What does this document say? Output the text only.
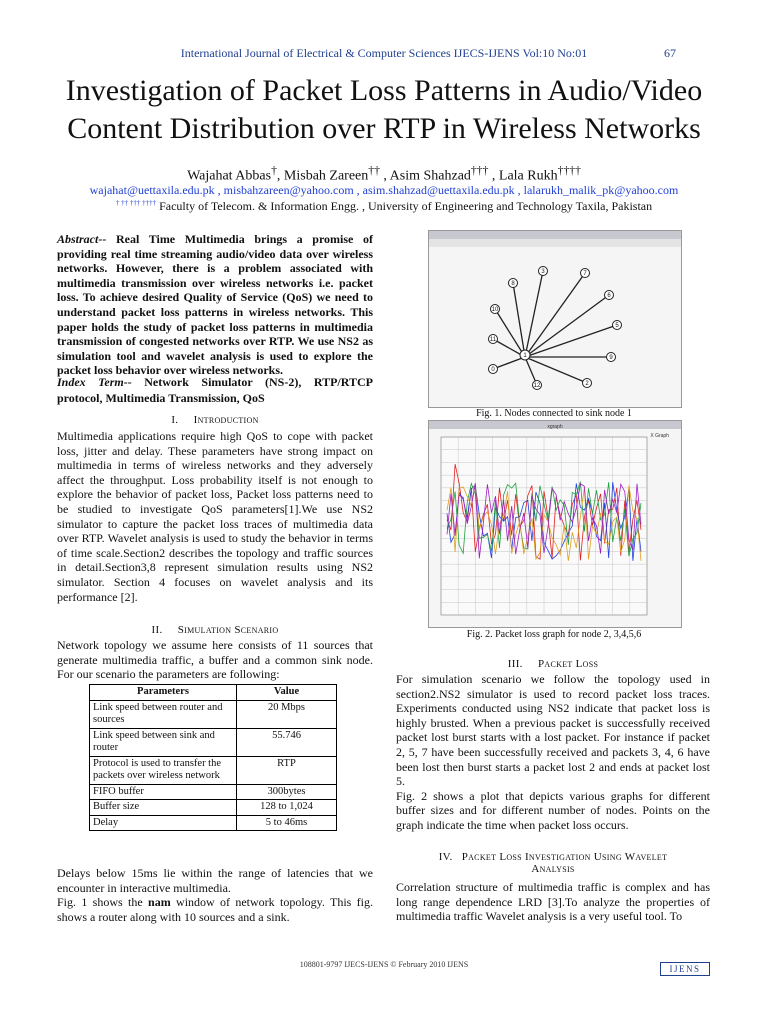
International Journal of Electrical & Computer Sciences IJECS-IJENS Vol:10 No:01	67
Investigation of Packet Loss Patterns in Audio/Video
Content Distribution over RTP in Wireless Networks
Wajahat Abbas†, Misbah Zareen†† , Asim Shahzad††† , Lala Rukh††††
wajahat@uettaxila.edu.pk , misbahzareen@yahoo.com , asim.shahzad@uettaxila.edu.pk , lalarukh_malik_pk@yahoo.com
† †† ††† †††† Faculty of Telecom. & Information Engg. , University of Engineering and Technology Taxila, Pakistan
Abstract-- Real Time Multimedia brings a promise of providing real time streaming audio/video data over wireless networks. However, there is a problem associated with multimedia transmission over wireless networks i.e. packet loss. To achieve desired Quality of Service (QoS) we need to understand packet loss patterns in wireless networks. This paper holds the study of packet loss patterns in multimedia transmission of congested networks over RTP. We use NS2 as simulation tool and wavelet analysis is used to explore the packet loss behavior over wireless networks.
Index Term-- Network Simulator (NS-2), RTP/RTCP protocol, Multimedia Transmission, QoS
I. Introduction
Multimedia applications require high QoS to cope with packet loss, jitter and delay. These parameters have strong impact on multimedia in terms of wireless networks and they adversely affect the throughput. Loss probability itself is not enough to explore the behavior of packet loss, Packet loss patterns need to be studied to investigate QoS parameters[1].We use NS2 simulator to capture the packet loss traces of multimedia data over RTP. Wavelet analysis is used to study the behavior in terms of time scale.Section2 describes the topology and traffic sources in detail.Section3,8 represent simulation results using NS2 simulator. Section 4 focuses on wavelet analysis and its performance [2].
II. Simulation Scenario
Network topology we assume here consists of 11 sources that generate multimedia traffic, a buffer and a common sink node. For our scenario the parameters are following:
Parameters	Value
Link speed between router and sources	20 Mbps
Link speed between sink and router	55.746
Protocol is used to transfer the packets over wireless network	RTP
FIFO buffer	300bytes
Buffer size	128 to 1,024
Delay	5 to 46ms
Delays below 15ms lie within the range of latencies that we encounter in interactive multimedia.
Fig. 1 shows the nam window of network topology. This fig. shows a router along with 10 sources and a sink.
1
8
3	7
6
5
9
2
12
10
11
0
Fig. 1. Nodes connected to sink node 1
xgraph
X Graph
Fig. 2. Packet loss graph for node 2, 3,4,5,6
III. Packet Loss
For simulation scenario we follow the topology used in section2.NS2 simulator is used to record packet loss traces. Experiments conducted using NS2 indicate that packet loss is highly brusted. When a previous packet is successfully received packet lost burst starts with a lost packet. For instance if packet 2, 5, 7 have been successfully received and packets 3, 4, 6 have been lost then burst starts a packet lost 2 and ends at packet lost 5.
Fig. 2 shows a plot that depicts various graphs for different buffer sizes and for different number of nodes. Points on the graph indicate the time when packet loss occurs.
IV. Packet Loss Investigation Using Wavelet
Analysis
Correlation structure of multimedia traffic is complex and has long range dependence LRD [3].To analyze the properties of multimedia traffic Wavelet analysis is a very useful tool. To
108801-9797 IJECS-IJENS © February 2010 IJENS	IJENS
